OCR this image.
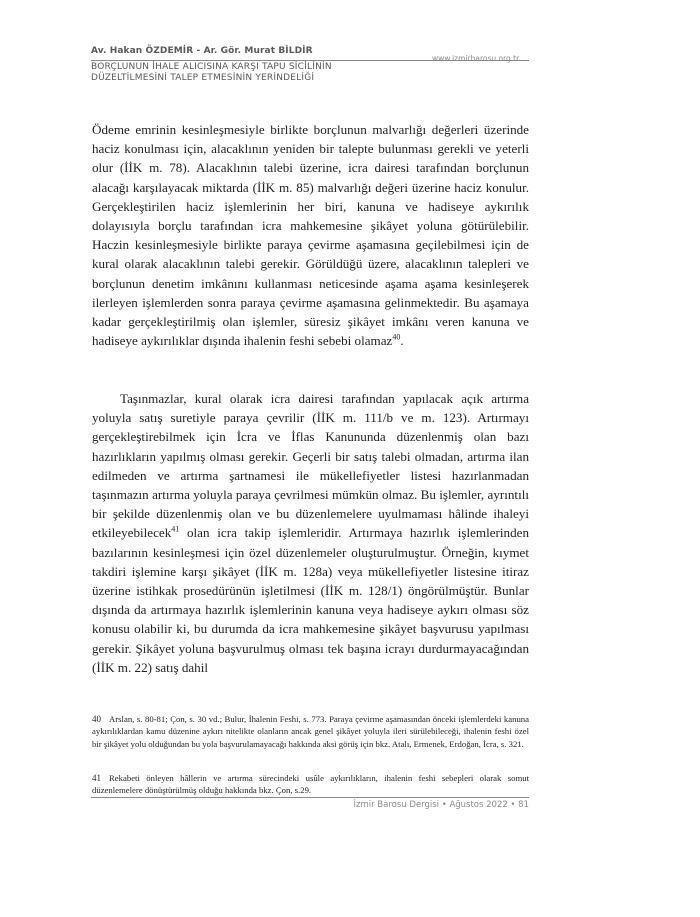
Av. Hakan ÖZDEMİR - Ar. Gör. Murat BİLDİR
www.izmirbarosu.org.tr
BORÇLUNUN İHALE ALICISINA KARŞI TAPU SİCİLİNİN
DÜZELTİLMESİNİ TALEP ETMESİNİN YERİNDELİĞİ
Ödeme emrinin kesinleşmesiyle birlikte borçlunun malvarlığı değerleri üzerinde haciz konulması için, alacaklının yeniden bir talepte bulunması gerekli ve yeterli olur (İİK m. 78). Alacaklının talebi üzerine, icra dairesi tarafından borçlunun alacağı karşılayacak miktarda (İİK m. 85) malvarlığı değeri üzerine haciz konulur. Gerçekleştirilen haciz işlemlerinin her biri, kanuna ve hadiseye aykırılık dolayısıyla borçlu tarafından icra mahkemesine şikâyet yoluna götürülebilir. Haczin kesinleşmesiyle birlikte paraya çevirme aşamasına geçilebilmesi için de kural olarak alacaklının talebi gerekir. Görüldüğü üzere, alacaklının talepleri ve borçlunun denetim imkânını kullanması neticesinde aşama aşama kesinleşerek ilerleyen işlemlerden sonra paraya çevirme aşamasına gelinmektedir. Bu aşamaya kadar gerçekleştirilmiş olan işlemler, süresiz şikâyet imkânı veren kanuna ve hadiseye aykırılıklar dışında ihalenin feshi sebebi olamaz$^{40}$.
Taşınmazlar, kural olarak icra dairesi tarafından yapılacak açık artırma yoluyla satış suretiyle paraya çevrilir (İİK m. 111/b ve m. 123). Artırmayı gerçekleştirebilmek için İcra ve İflas Kanununda düzenlenmiş olan bazı hazırlıkların yapılmış olması gerekir. Geçerli bir satış talebi olmadan, artırma ilan edilmeden ve artırma şartnamesi ile mükellefiyetler listesi hazırlanmadan taşınmazın artırma yoluyla paraya çevrilmesi mümkün olmaz. Bu işlemler, ayrıntılı bir şekilde düzenlenmiş olan ve bu düzenlemelere uyulmaması hâlinde ihaleyi etkileyebilecek$^{41}$ olan icra takip işlemleridir. Artırmaya hazırlık işlemlerinden bazılarının kesinleşmesi için özel düzenlemeler oluşturulmuştur. Örneğin, kıymet takdiri işlemine karşı şikâyet (İİK m. 128a) veya mükellefiyetler listesine itiraz üzerine istihkak prosedürünün işletilmesi (İİK m. 128/1) öngörülmüştür. Bunlar dışında da artırmaya hazırlık işlemlerinin kanuna veya hadiseye aykırı olması söz konusu olabilir ki, bu durumda da icra mahkemesine şikâyet başvurusu yapılması gerekir. Şikâyet yoluna başvurulmuş olması tek başına icrayı durdurmayacağından (İİK m. 22) satış dahil
40 Arslan, s. 80-81; Çon, s. 30 vd.; Bulur, İhalenin Feshi, s. 773. Paraya çevirme aşamasından önceki işlemlerdeki kanuna aykırılıklardan kamu düzenine aykırı nitelikte olanların ancak genel şikâyet yoluyla ileri sürülebileceği, ihalenin feshi özel bir şikâyet yolu olduğundan bu yola başvurulamayacağı hakkında aksi görüş için bkz. Atalı, Ermenek, Erdoğan, İcra, s. 321.
41 Rekabeti önleyen hâllerin ve artırma sürecindeki usûle aykırılıkların, ihalenin feshi sebepleri olarak somut düzenlemelere dönüştürülmüş olduğu hakkında bkz. Çon, s.29.
İzmir Barosu Dergisi • Ağustos 2022 • 81
